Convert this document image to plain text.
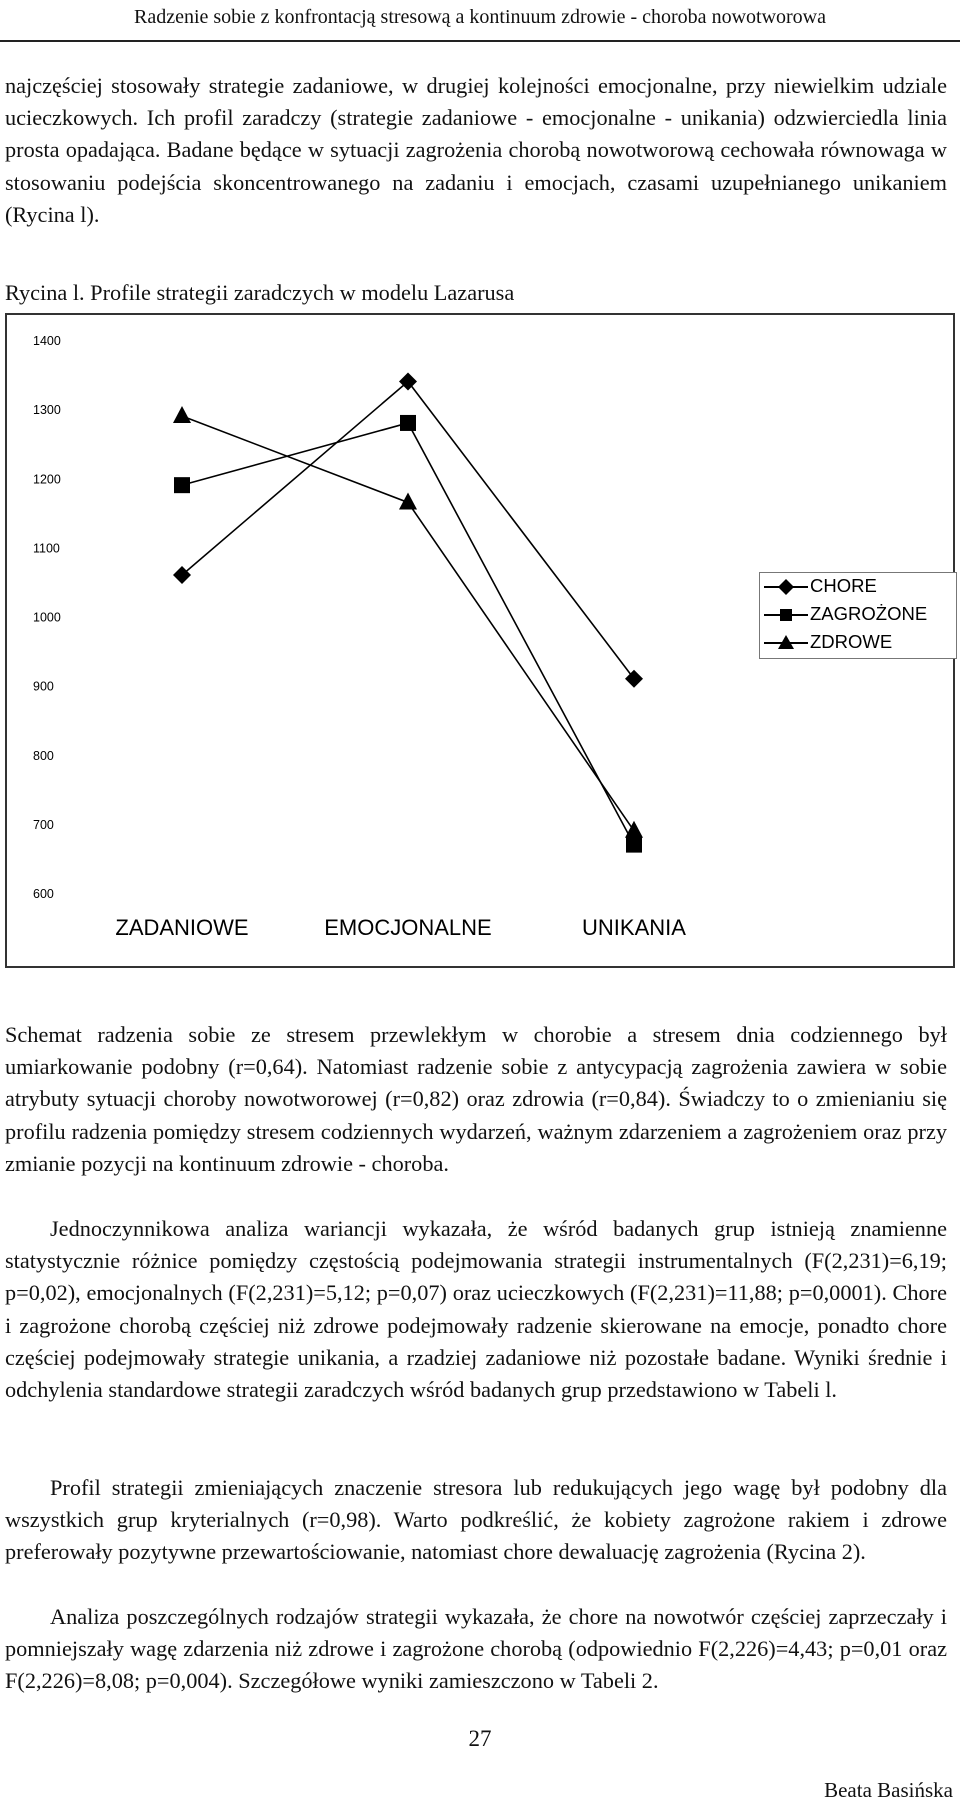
Radzenie sobie z konfrontacją stresową a kontinuum zdrowie - choroba nowotworowa

najczęściej stosowały strategie zadaniowe, w drugiej kolejności emocjonalne, przy niewielkim udziale ucieczkowych. Ich profil zaradczy (strategie zadaniowe - emocjonalne - unikania) odzwierciedla linia prosta opadająca. Badane będące w sytuacji zagrożenia chorobą nowotworową cechowała równowaga w stosowaniu podejścia skoncentrowanego na zadaniu i emocjach, czasami uzupełnianego unikaniem (Rycina l).

Rycina l. Profile strategii zaradczych w modelu Lazarusa
1400
1300
1200
1100
1000
900
800
700
600
ZADANIOWE	EMOCJONALNE	UNIKANIA
CHORE
ZAGROŻONE
ZDROWE

Schemat radzenia sobie ze stresem przewlekłym w chorobie a stresem dnia codziennego był umiarkowanie podobny (r=0,64). Natomiast radzenie sobie z antycypacją zagrożenia zawiera w sobie atrybuty sytuacji choroby nowotworowej (r=0,82) oraz zdrowia (r=0,84). Świadczy to o zmienianiu się profilu radzenia pomiędzy stresem codziennych wydarzeń, ważnym zdarzeniem a zagrożeniem oraz przy zmianie pozycji na kontinuum zdrowie - choroba.

Jednoczynnikowa analiza wariancji wykazała, że wśród badanych grup istnieją znamienne statystycznie różnice pomiędzy częstością podejmowania strategii instrumentalnych (F(2,231)=6,19; p=0,02), emocjonalnych (F(2,231)=5,12; p=0,07) oraz ucieczkowych (F(2,231)=11,88; p=0,0001). Chore i zagrożone chorobą częściej niż zdrowe podejmowały radzenie skierowane na emocje, ponadto chore częściej podejmowały strategie unikania, a rzadziej zadaniowe niż pozostałe badane. Wyniki średnie i odchylenia standardowe strategii zaradczych wśród badanych grup przedstawiono w Tabeli l.

Profil strategii zmieniających znaczenie stresora lub redukujących jego wagę był podobny dla wszystkich grup kryterialnych (r=0,98). Warto podkreślić, że kobiety zagrożone rakiem i zdrowe preferowały pozytywne przewartościowanie, natomiast chore dewaluację zagrożenia (Rycina 2).

Analiza poszczególnych rodzajów strategii wykazała, że chore na nowotwór częściej zaprzeczały i pomniejszały wagę zdarzenia niż zdrowe i zagrożone chorobą (odpowiednio F(2,226)=4,43; p=0,01 oraz F(2,226)=8,08; p=0,004). Szczegółowe wyniki zamieszczono w Tabeli 2.

27
Beata Basińska
